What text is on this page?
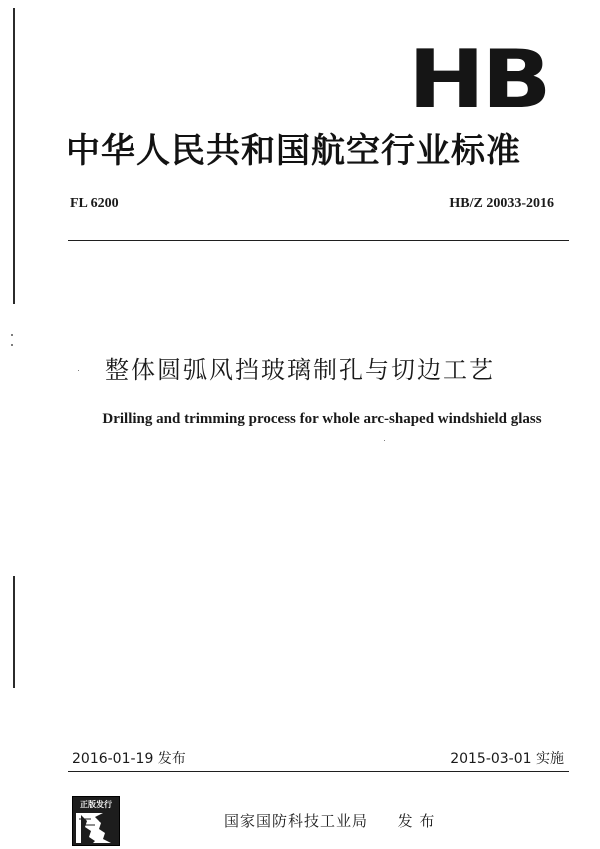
HB
中华人民共和国航空行业标准
FL 6200	HB/Z 20033-2016
整体圆弧风挡玻璃制孔与切边工艺
Drilling and trimming process for whole arc-shaped windshield glass
2016-01-19 发布	2015-03-01 实施
正版发行
国家国防科技工业局 发 布
